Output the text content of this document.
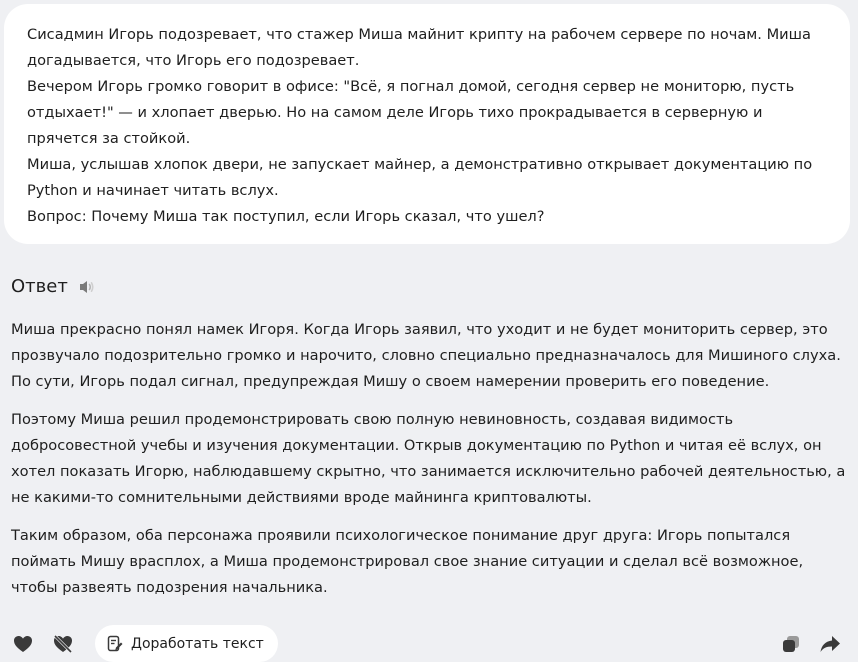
Сисадмин Игорь подозревает, что стажер Миша майнит крипту на рабочем сервере по ночам. Миша догадывается, что Игорь его подозревает.

Вечером Игорь громко говорит в офисе: "Всё, я погнал домой, сегодня сервер не мониторю, пусть отдыхает!" — и хлопает дверью. Но на самом деле Игорь тихо прокрадывается в серверную и прячется за стойкой.

Миша, услышав хлопок двери, не запускает майнер, а демонстративно открывает документацию по Python и начинает читать вслух.

Вопрос: Почему Миша так поступил, если Игорь сказал, что ушел?

Ответ

Миша прекрасно понял намек Игоря. Когда Игорь заявил, что уходит и не будет мониторить сервер, это прозвучало подозрительно громко и нарочито, словно специально предназначалось для Мишиного слуха. По сути, Игорь подал сигнал, предупреждая Мишу о своем намерении проверить его поведение.

Поэтому Миша решил продемонстрировать свою полную невиновность, создавая видимость добросовестной учебы и изучения документации. Открыв документацию по Python и читая её вслух, он хотел показать Игорю, наблюдавшему скрытно, что занимается исключительно рабочей деятельностью, а не какими-то сомнительными действиями вроде майнинга криптовалюты.

Таким образом, оба персонажа проявили психологическое понимание друг друга: Игорь попытался поймать Мишу врасплох, а Миша продемонстрировал свое знание ситуации и сделал всё возможное, чтобы развеять подозрения начальника.

Доработать текст
